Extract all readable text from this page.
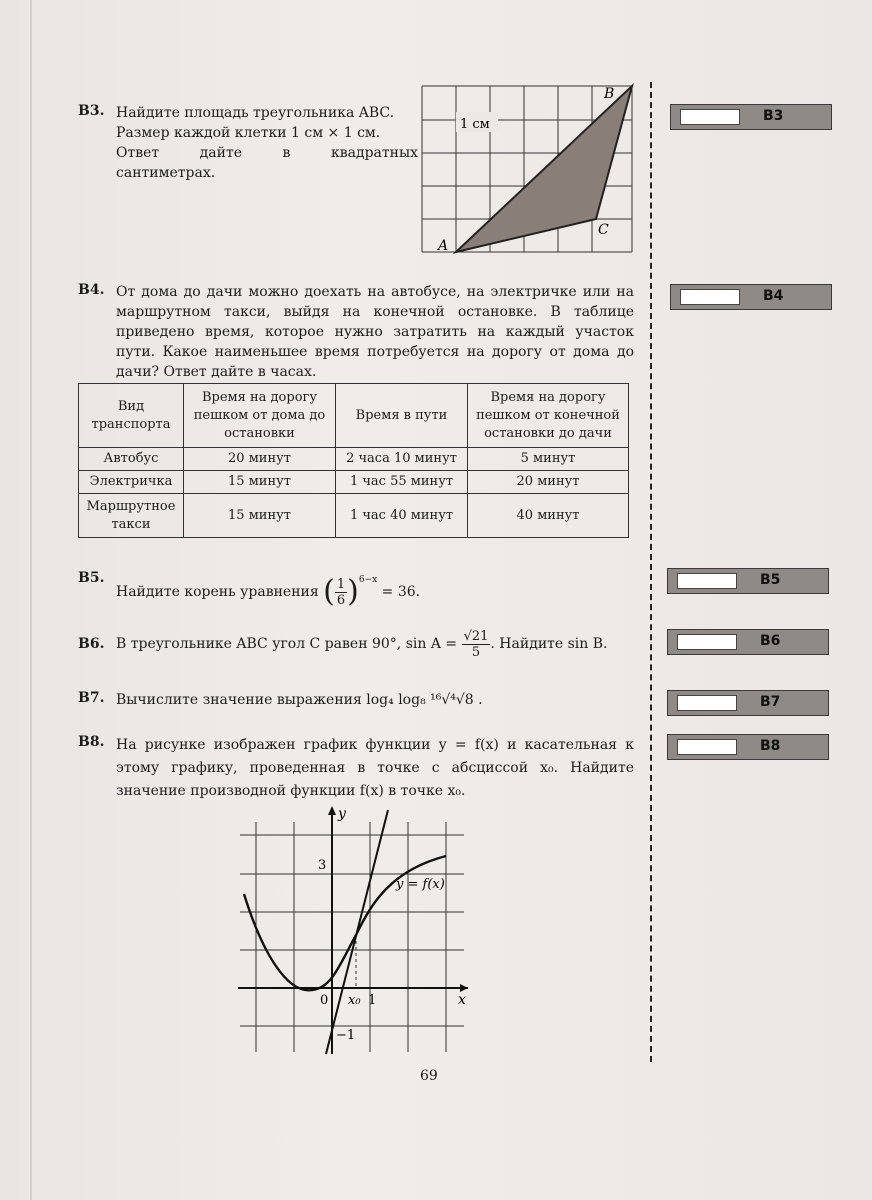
B3. Найдите площадь треугольника ABC.
Размер каждой клетки 1 см × 1 см.
Ответ дайте в квадратных
сантиметрах.
1 см
A
B
C
B4. От дома до дачи можно доехать на автобусе, на электричке или на маршрутном такси, выйдя на конечной остановке. В таблице приведено время, которое нужно затратить на каждый участок пути. Какое наименьшее время потребуется на дорогу от дома до дачи? Ответ дайте в часах.
Вид транспорта	Время на дорогу пешком от дома до остановки	Время в пути	Время на дорогу пешком от конечной остановки до дачи
Автобус	20 минут	2 часа 10 минут	5 минут
Электричка	15 минут	1 час 55 минут	20 минут
Маршрутное такси	15 минут	1 час 40 минут	40 минут
B5.
Найдите корень уравнения ( $\frac{1}{6} )^{6-x} = 36$.
B6. В треугольнике ABC угол C равен 90°, $\sin A = \frac{√21}{5}$ . Найдите sin B.
B7. Вычислите значение выражения log₄ log₈ ¹⁶√⁴√8 .
B8. На рисунке изображен график функции y = f(x) и касательная к этому графику, проведенная в точке с абсциссой x₀. Найдите значение производной функции f(x) в точке x₀.
y
x
0 x₀ 1
3
−1
y = f(x)
B3
B4
B5
B6
B7
B8
69
